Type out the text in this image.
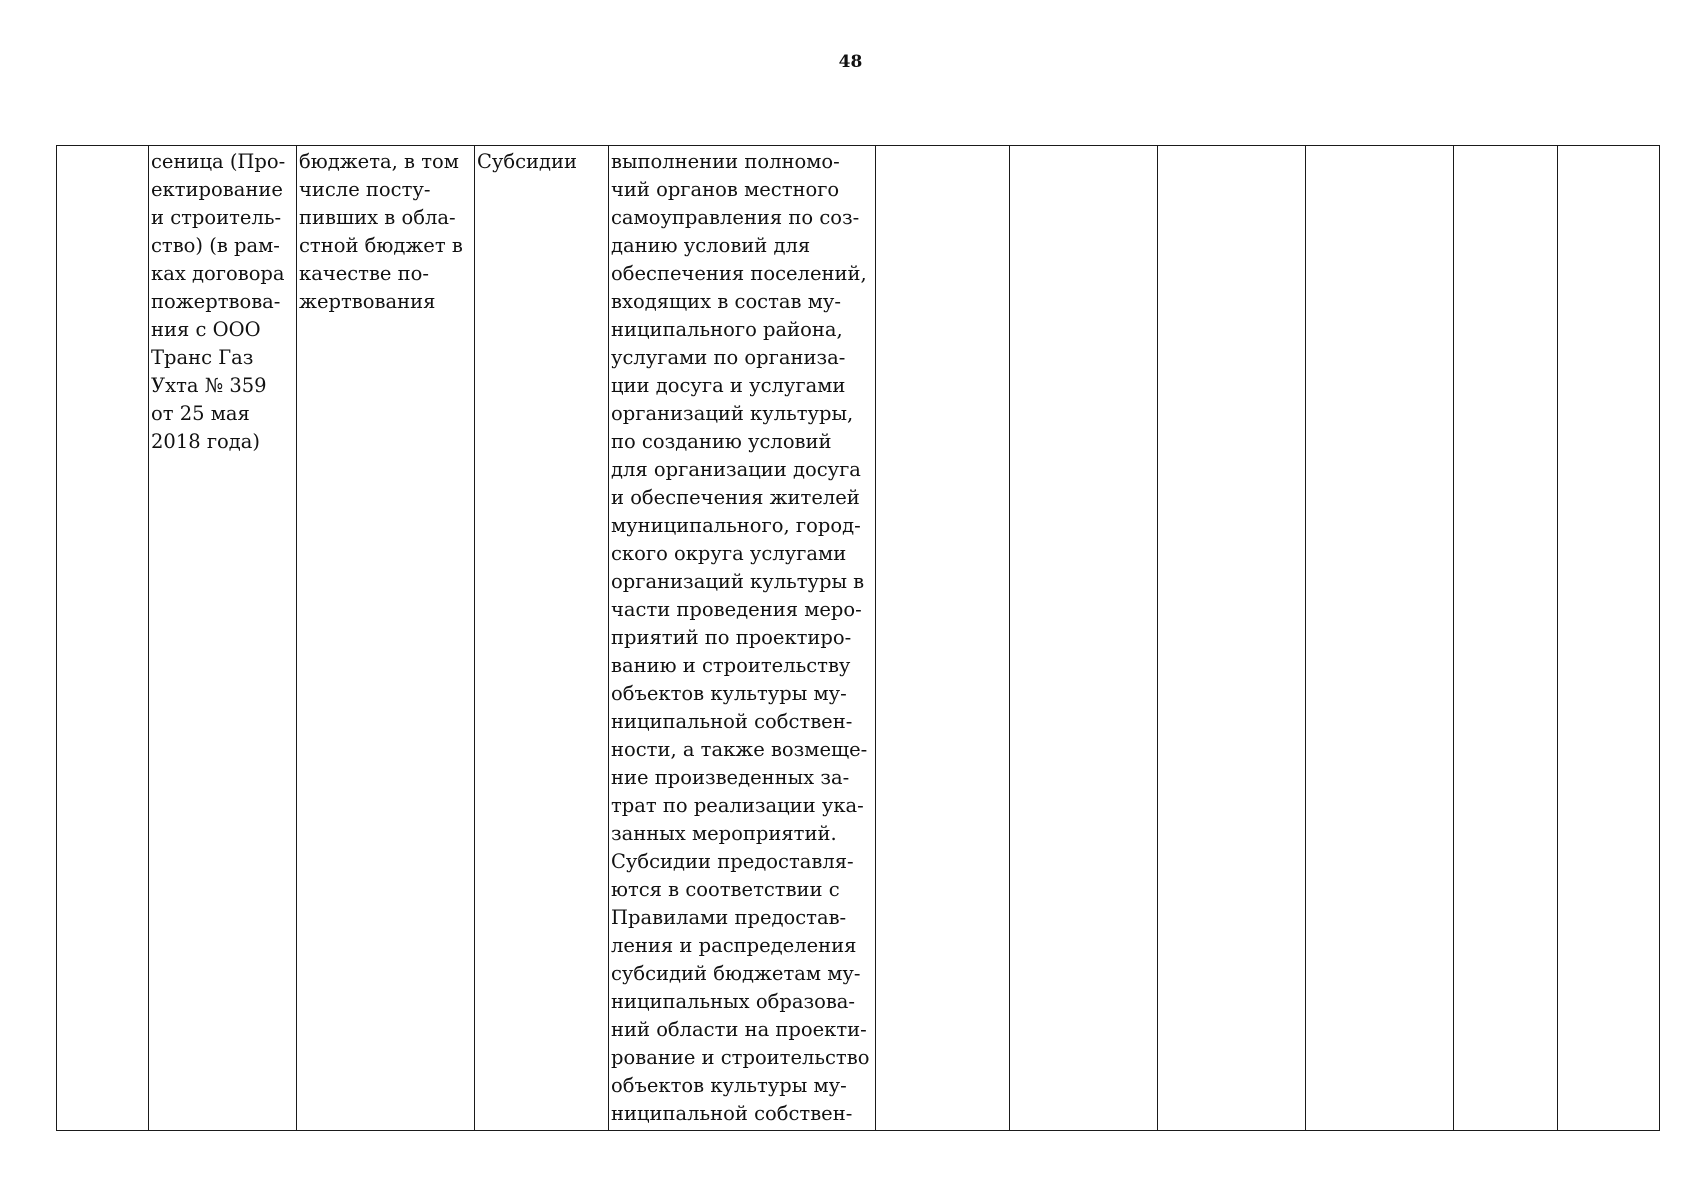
48
	сеница (Про-
ектирование
и строитель-
ство) (в рам-
ках договора
пожертвова-
ния с ООО
Транс Газ
Ухта № 359
от 25 мая
2018 года)	бюджета, в том
числе посту-
пивших в обла-
стной бюджет в
качестве по-
жертвования	Субсидии	выполнении полномо-
чий органов местного
самоуправления по соз-
данию условий для
обеспечения поселений,
входящих в состав му-
ниципального района,
услугами по организа-
ции досуга и услугами
организаций культуры,
по созданию условий
для организации досуга
и обеспечения жителей
муниципального, город-
ского округа услугами
организаций культуры в
части проведения меро-
приятий по проектиро-
ванию и строительству
объектов культуры му-
ниципальной собствен-
ности, а также возмеще-
ние произведенных за-
трат по реализации ука-
занных мероприятий.
Субсидии предоставля-
ются в соответствии с
Правилами предостав-
ления и распределения
субсидий бюджетам му-
ниципальных образова-
ний области на проекти-
рование и строительство
объектов культуры му-
ниципальной собствен-						
